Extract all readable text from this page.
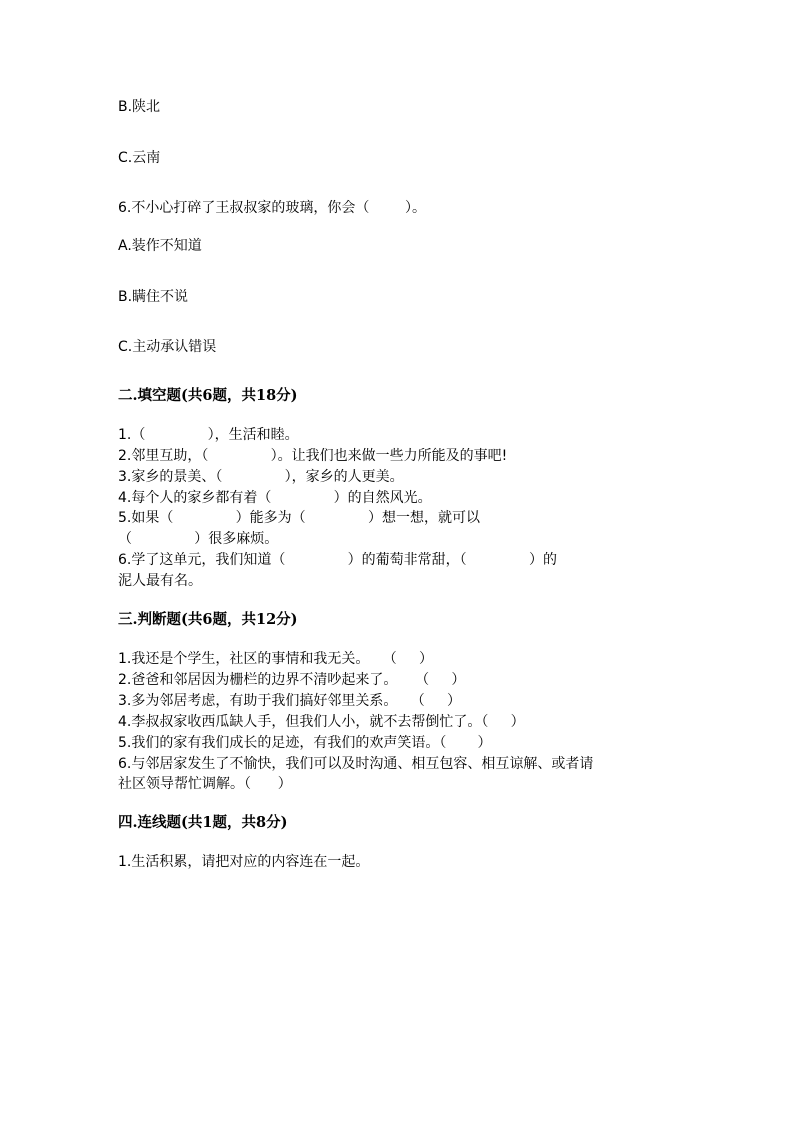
B.陕北
C.云南
6.不小心打碎了王叔叔家的玻璃，你会（        ）。
A.装作不知道
B.瞒住不说
C.主动承认错误
二.填空题(共6题，共18分)
1.（              ），生活和睦。
2.邻里互助，（              ）。让我们也来做一些力所能及的事吧!
3.家乡的景美、（              ），家乡的人更美。
4.每个人的家乡都有着（              ）的自然风光。
5.如果（              ）能多为（              ）想一想，就可以
（              ）很多麻烦。
6.学了这单元，我们知道（              ）的葡萄非常甜，（              ）的
泥人最有名。
三.判断题(共6题，共12分)
1.我还是个学生，社区的事情和我无关。   （     ）
2.爸爸和邻居因为栅栏的边界不清吵起来了。    （     ）
3.多为邻居考虑，有助于我们搞好邻里关系。   （     ）
4.李叔叔家收西瓜缺人手，但我们人小，就不去帮倒忙了。（     ）
5.我们的家有我们成长的足迹，有我们的欢声笑语。（       ）
6.与邻居家发生了不愉快，我们可以及时沟通、相互包容、相互谅解、或者请
社区领导帮忙调解。（      ）
四.连线题(共1题，共8分)
1.生活积累，请把对应的内容连在一起。
